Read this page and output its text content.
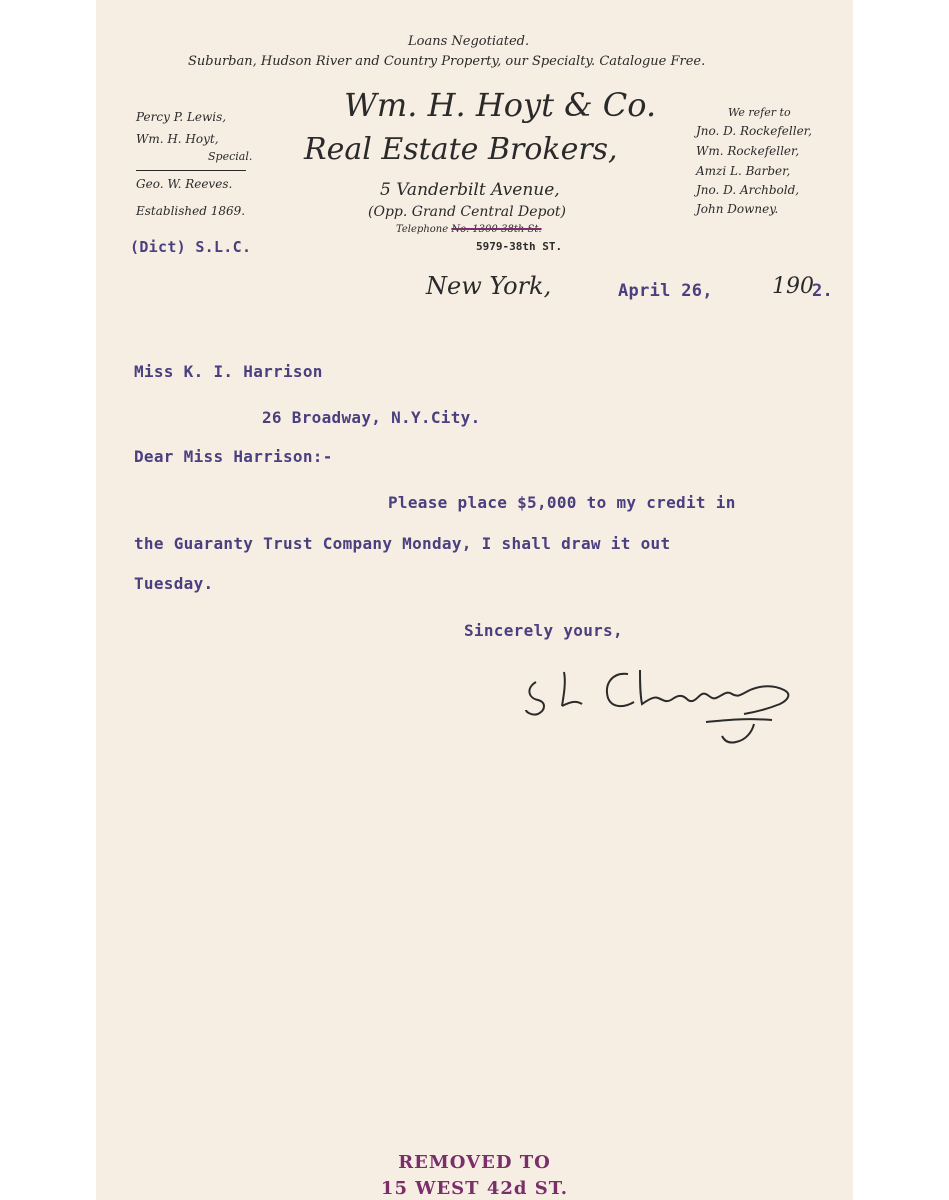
Loans Negotiated.
Suburban, Hudson River and Country Property, our Specialty. Catalogue Free.
Percy P. Lewis,
Wm. H. Hoyt,
Special.
Geo. W. Reeves.
Established 1869.
Wm. H. Hoyt & Co.
Real Estate Brokers,
5 Vanderbilt Avenue,
(Opp. Grand Central Depot)
Telephone No. 1300-38th St.
5979-38th ST.
We refer to
Jno. D. Rockefeller,
Wm. Rockefeller,
Amzi L. Barber,
Jno. D. Archbold,
John Downey.
(Dict) S.L.C.
New York,	April 26,	190
2.
Miss K. I. Harrison
26 Broadway, N.Y.City.
Dear Miss Harrison:-
Please place $5,000 to my credit in
the Guaranty Trust Company Monday, I shall draw it out
Tuesday.
Sincerely yours,
REMOVED TO
15 WEST 42d ST.
